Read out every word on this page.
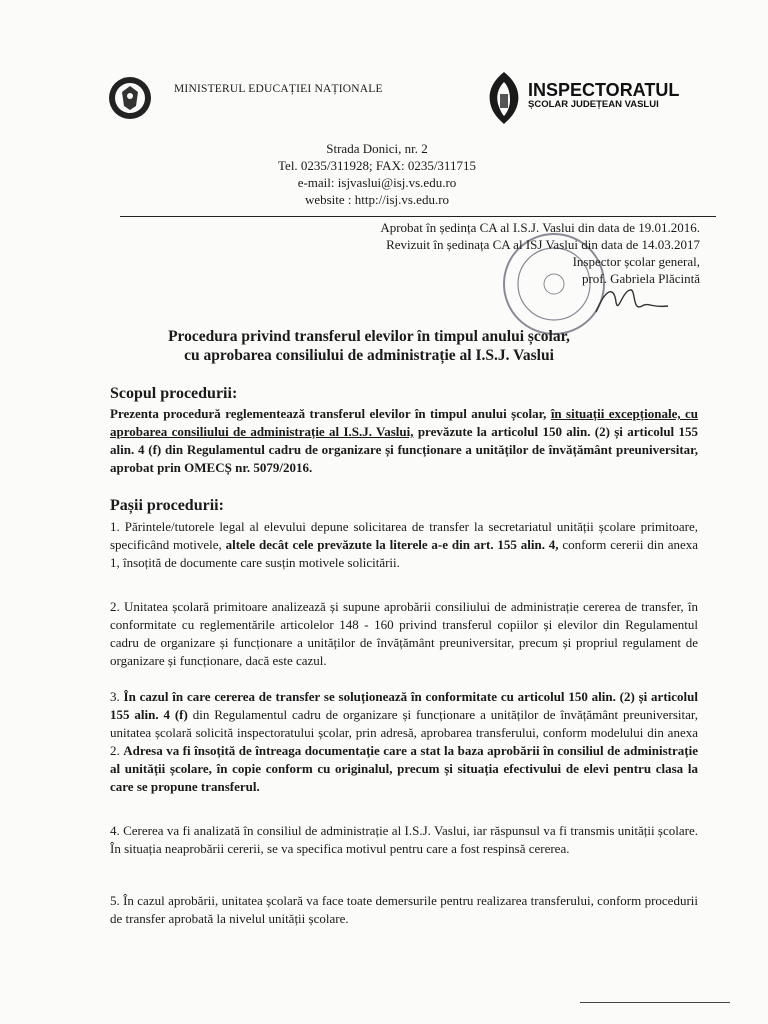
MINISTERUL EDUCAȚIEI NAȚIONALE	INSPECTORATUL
ȘCOLAR JUDEȚEAN VASLUI
Strada Donici, nr. 2
Tel. 0235/311928; FAX: 0235/311715
e-mail: isjvaslui@isj.vs.edu.ro
website : http://isj.vs.edu.ro
Aprobat în ședința CA al I.S.J. Vaslui din data de 19.01.2016.
Revizuit în ședinața CA al ISJ Vaslui din data de 14.03.2017
Inspector școlar general,
prof. Gabriela Plăcintă
Procedura privind transferul elevilor în timpul anului școlar,
cu aprobarea consiliului de administrație al I.S.J. Vaslui
Scopul procedurii:
Prezenta procedură reglementează transferul elevilor în timpul anului școlar, în situații excepționale, cu aprobarea consiliului de administrație al I.S.J. Vaslui, prevăzute la articolul 150 alin. (2) și articolul 155 alin. 4 (f) din Regulamentul cadru de organizare și funcționare a unităților de învățământ preuniversitar, aprobat prin OMECȘ nr. 5079/2016.
Pașii procedurii:
1. Părintele/tutorele legal al elevului depune solicitarea de transfer la secretariatul unității școlare primitoare, specificând motivele, altele decât cele prevăzute la literele a-e din art. 155 alin. 4, conform cererii din anexa 1, însoțită de documente care susțin motivele solicitării.
2. Unitatea școlară primitoare analizează și supune aprobării consiliului de administrație cererea de transfer, în conformitate cu reglementările articolelor 148 - 160 privind transferul copiilor și elevilor din Regulamentul cadru de organizare și funcționare a unităților de învățământ preuniversitar, precum și propriul regulament de organizare și funcționare, dacă este cazul.
3. În cazul în care cererea de transfer se soluționează în conformitate cu articolul 150 alin. (2) și articolul 155 alin. 4 (f) din Regulamentul cadru de organizare și funcționare a unităților de învățământ preuniversitar, unitatea școlară solicită inspectoratului școlar, prin adresă, aprobarea transferului, conform modelului din anexa 2. Adresa va fi însoțită de întreaga documentație care a stat la baza aprobării în consiliul de administrație al unității școlare, în copie conform cu originalul, precum și situația efectivului de elevi pentru clasa la care se propune transferul.
4. Cererea va fi analizată în consiliul de administrație al I.S.J. Vaslui, iar răspunsul va fi transmis unității școlare. În situația neaprobării cererii, se va specifica motivul pentru care a fost respinsă cererea.
5. În cazul aprobării, unitatea școlară va face toate demersurile pentru realizarea transferului, conform procedurii de transfer aprobată la nivelul unității școlare.
